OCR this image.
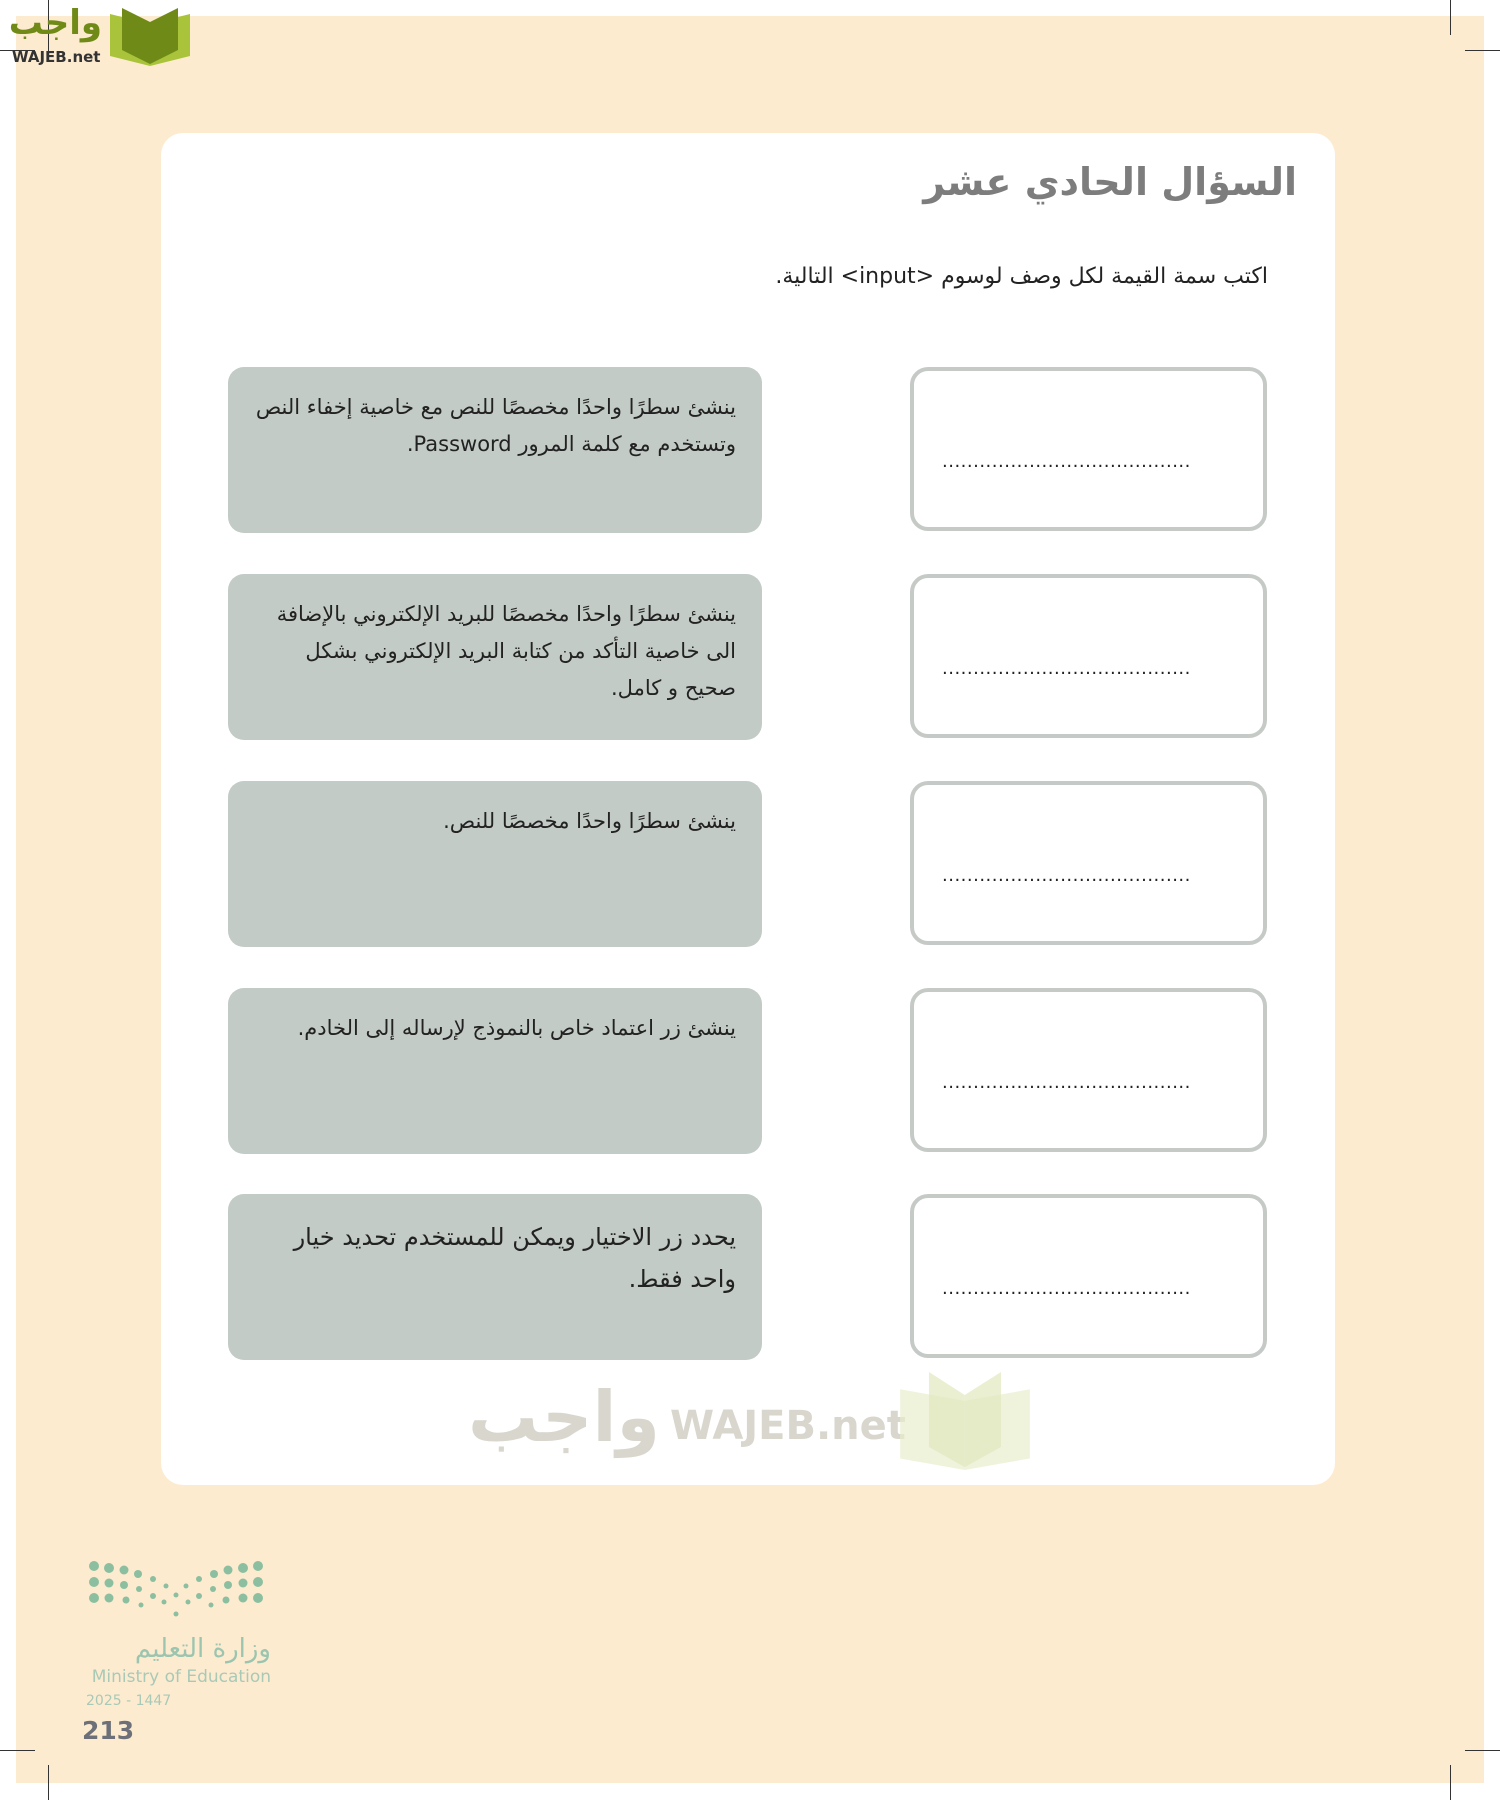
واجب
WAJEB.net
السؤال الحادي عشر
اكتب سمة القيمة لكل وصف لوسوم <input> التالية.
ينشئ سطرًا واحدًا مخصصًا للنص مع خاصية إخفاء النص وتستخدم مع كلمة المرور Password.
........................................
ينشئ سطرًا واحدًا مخصصًا للبريد الإلكتروني بالإضافة الى خاصية التأكد من كتابة البريد الإلكتروني بشكل صحيح و كامل.
........................................
ينشئ سطرًا واحدًا مخصصًا للنص.
........................................
ينشئ زر اعتماد خاص بالنموذج لإرساله إلى الخادم.
........................................
يحدد زر الاختيار ويمكن للمستخدم تحديد خيار واحد فقط.	........................................
واجب WAJEB.net
وزارة التعليم
Ministry of Education
2025 - 1447
213
